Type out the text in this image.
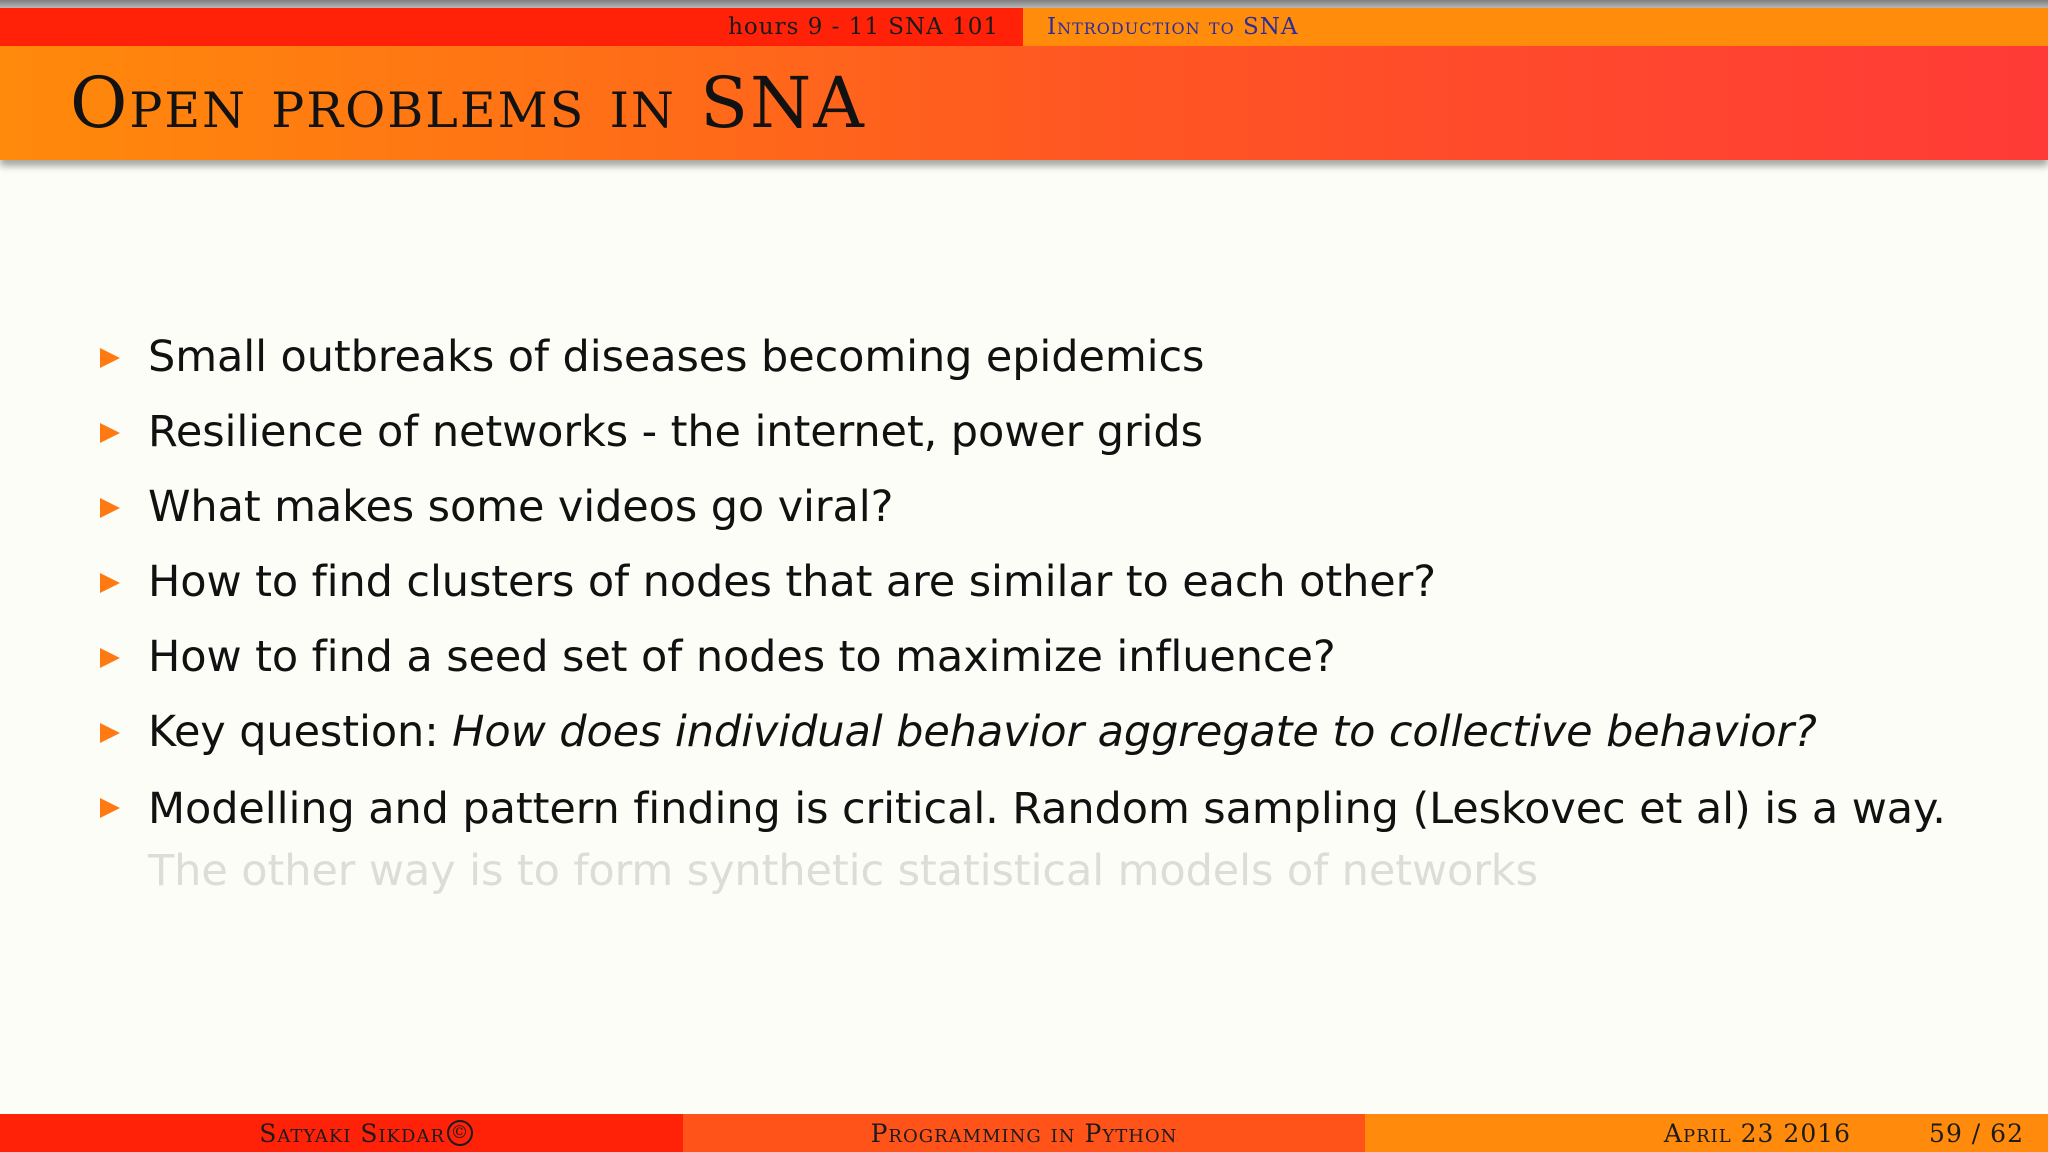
hours 9 - 11 SNA 101 Introduction to SNA
Open problems in SNA
Small outbreaks of diseases becoming epidemics
Resilience of networks - the internet, power grids
What makes some videos go viral?
How to find clusters of nodes that are similar to each other?
How to find a seed set of nodes to maximize influence?
Key question: How does individual behavior aggregate to collective behavior?
Modelling and pattern finding is critical. Random sampling (Leskovec et al) is a way. The other way is to form synthetic statistical models of networks
Satyaki Sikdar ©	Programming in Python	April 23 2016	59 / 62
